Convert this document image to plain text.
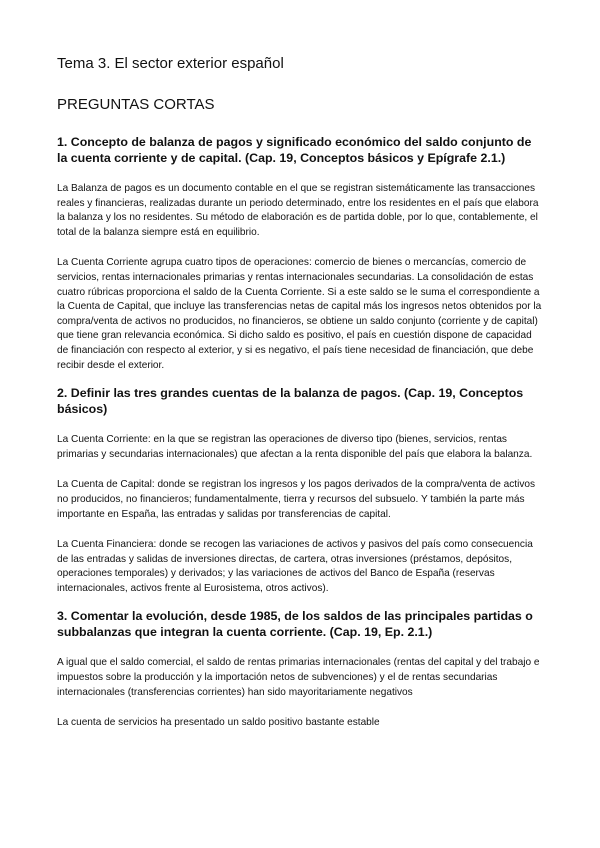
Tema 3. El sector exterior español
PREGUNTAS CORTAS

1. Concepto de balanza de pagos y significado económico del saldo conjunto de la cuenta corriente y de capital. (Cap. 19, Conceptos básicos y Epígrafe 2.1.)

La Balanza de pagos es un documento contable en el que se registran sistemáticamente las transacciones reales y financieras, realizadas durante un periodo determinado, entre los residentes en el país que elabora la balanza y los no residentes. Su método de elaboración es de partida doble, por lo que, contablemente, el total de la balanza siempre está en equilibrio.

La Cuenta Corriente agrupa cuatro tipos de operaciones: comercio de bienes o mercancías, comercio de servicios, rentas internacionales primarias y rentas internacionales secundarias. La consolidación de estas cuatro rúbricas proporciona el saldo de la Cuenta Corriente. Si a este saldo se le suma el correspondiente a la Cuenta de Capital, que incluye las transferencias netas de capital más los ingresos netos obtenidos por la compra/venta de activos no producidos, no financieros, se obtiene un saldo conjunto (corriente y de capital) que tiene gran relevancia económica. Si dicho saldo es positivo, el país en cuestión dispone de capacidad de financiación con respecto al exterior, y si es negativo, el país tiene necesidad de financiación, que debe recibir desde el exterior.

2. Definir las tres grandes cuentas de la balanza de pagos. (Cap. 19, Conceptos básicos)

La Cuenta Corriente: en la que se registran las operaciones de diverso tipo (bienes, servicios, rentas primarias y secundarias internacionales) que afectan a la renta disponible del país que elabora la balanza.

La Cuenta de Capital: donde se registran los ingresos y los pagos derivados de la compra/venta de activos no producidos, no financieros; fundamentalmente, tierra y recursos del subsuelo. Y también la parte más importante en España, las entradas y salidas por transferencias de capital.

La Cuenta Financiera: donde se recogen las variaciones de activos y pasivos del país como consecuencia de las entradas y salidas de inversiones directas, de cartera, otras inversiones (préstamos, depósitos, operaciones temporales) y derivados; y las variaciones de activos del Banco de España (reservas internacionales, activos frente al Eurosistema, otros activos).

3. Comentar la evolución, desde 1985, de los saldos de las principales partidas o subbalanzas que integran la cuenta corriente. (Cap. 19, Ep. 2.1.)

A igual que el saldo comercial, el saldo de rentas primarias internacionales (rentas del capital y del trabajo e impuestos sobre la producción y la importación netos de subvenciones) y el de rentas secundarias internacionales (transferencias corrientes) han sido mayoritariamente negativos

La cuenta de servicios ha presentado un saldo positivo bastante estable
